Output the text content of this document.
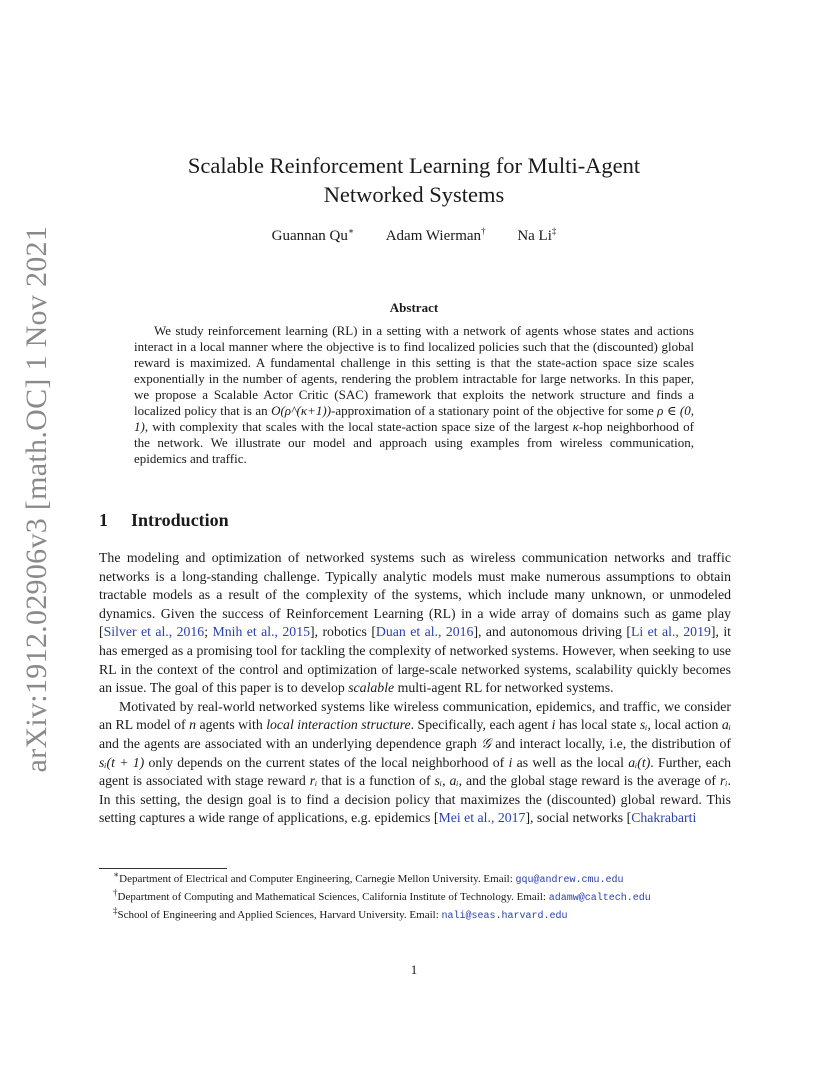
arXiv:1912.02906v3 [math.OC] 1 Nov 2021
Scalable Reinforcement Learning for Multi-Agent
Networked Systems
Guannan Qu∗ Adam Wierman† Na Li‡
Abstract

We study reinforcement learning (RL) in a setting with a network of agents whose states and actions interact in a local manner where the objective is to find localized policies such that the (discounted) global reward is maximized. A fundamental challenge in this setting is that the state-action space size scales exponentially in the number of agents, rendering the problem intractable for large networks. In this paper, we propose a Scalable Actor Critic (SAC) framework that exploits the network structure and finds a localized policy that is an O(ρ^(κ+1))-approximation of a stationary point of the objective for some ρ ∈ (0, 1), with complexity that scales with the local state-action space size of the largest κ-hop neighborhood of the network. We illustrate our model and approach using examples from wireless communication, epidemics and traffic.

1 Introduction

The modeling and optimization of networked systems such as wireless communication networks and traffic networks is a long-standing challenge. Typically analytic models must make numerous assumptions to obtain tractable models as a result of the complexity of the systems, which include many unknown, or unmodeled dynamics. Given the success of Reinforcement Learning (RL) in a wide array of domains such as game play [Silver et al., 2016; Mnih et al., 2015], robotics [Duan et al., 2016], and autonomous driving [Li et al., 2019], it has emerged as a promising tool for tackling the complexity of networked systems. However, when seeking to use RL in the context of the control and optimization of large-scale networked systems, scalability quickly becomes an issue. The goal of this paper is to develop scalable multi-agent RL for networked systems.

Motivated by real-world networked systems like wireless communication, epidemics, and traffic, we consider an RL model of n agents with local interaction structure. Specifically, each agent i has local state sᵢ, local action aᵢ and the agents are associated with an underlying dependence graph 𝒢 and interact locally, i.e, the distribution of sᵢ(t + 1) only depends on the current states of the local neighborhood of i as well as the local aᵢ(t). Further, each agent is associated with stage reward rᵢ that is a function of sᵢ, aᵢ, and the global stage reward is the average of rᵢ. In this setting, the design goal is to find a decision policy that maximizes the (discounted) global reward. This setting captures a wide range of applications, e.g. epidemics [Mei et al., 2017], social networks [Chakrabarti

∗Department of Electrical and Computer Engineering, Carnegie Mellon University. Email: gqu@andrew.cmu.edu

†Department of Computing and Mathematical Sciences, California Institute of Technology. Email: adamw@caltech.edu

‡School of Engineering and Applied Sciences, Harvard University. Email: nali@seas.harvard.edu

1
